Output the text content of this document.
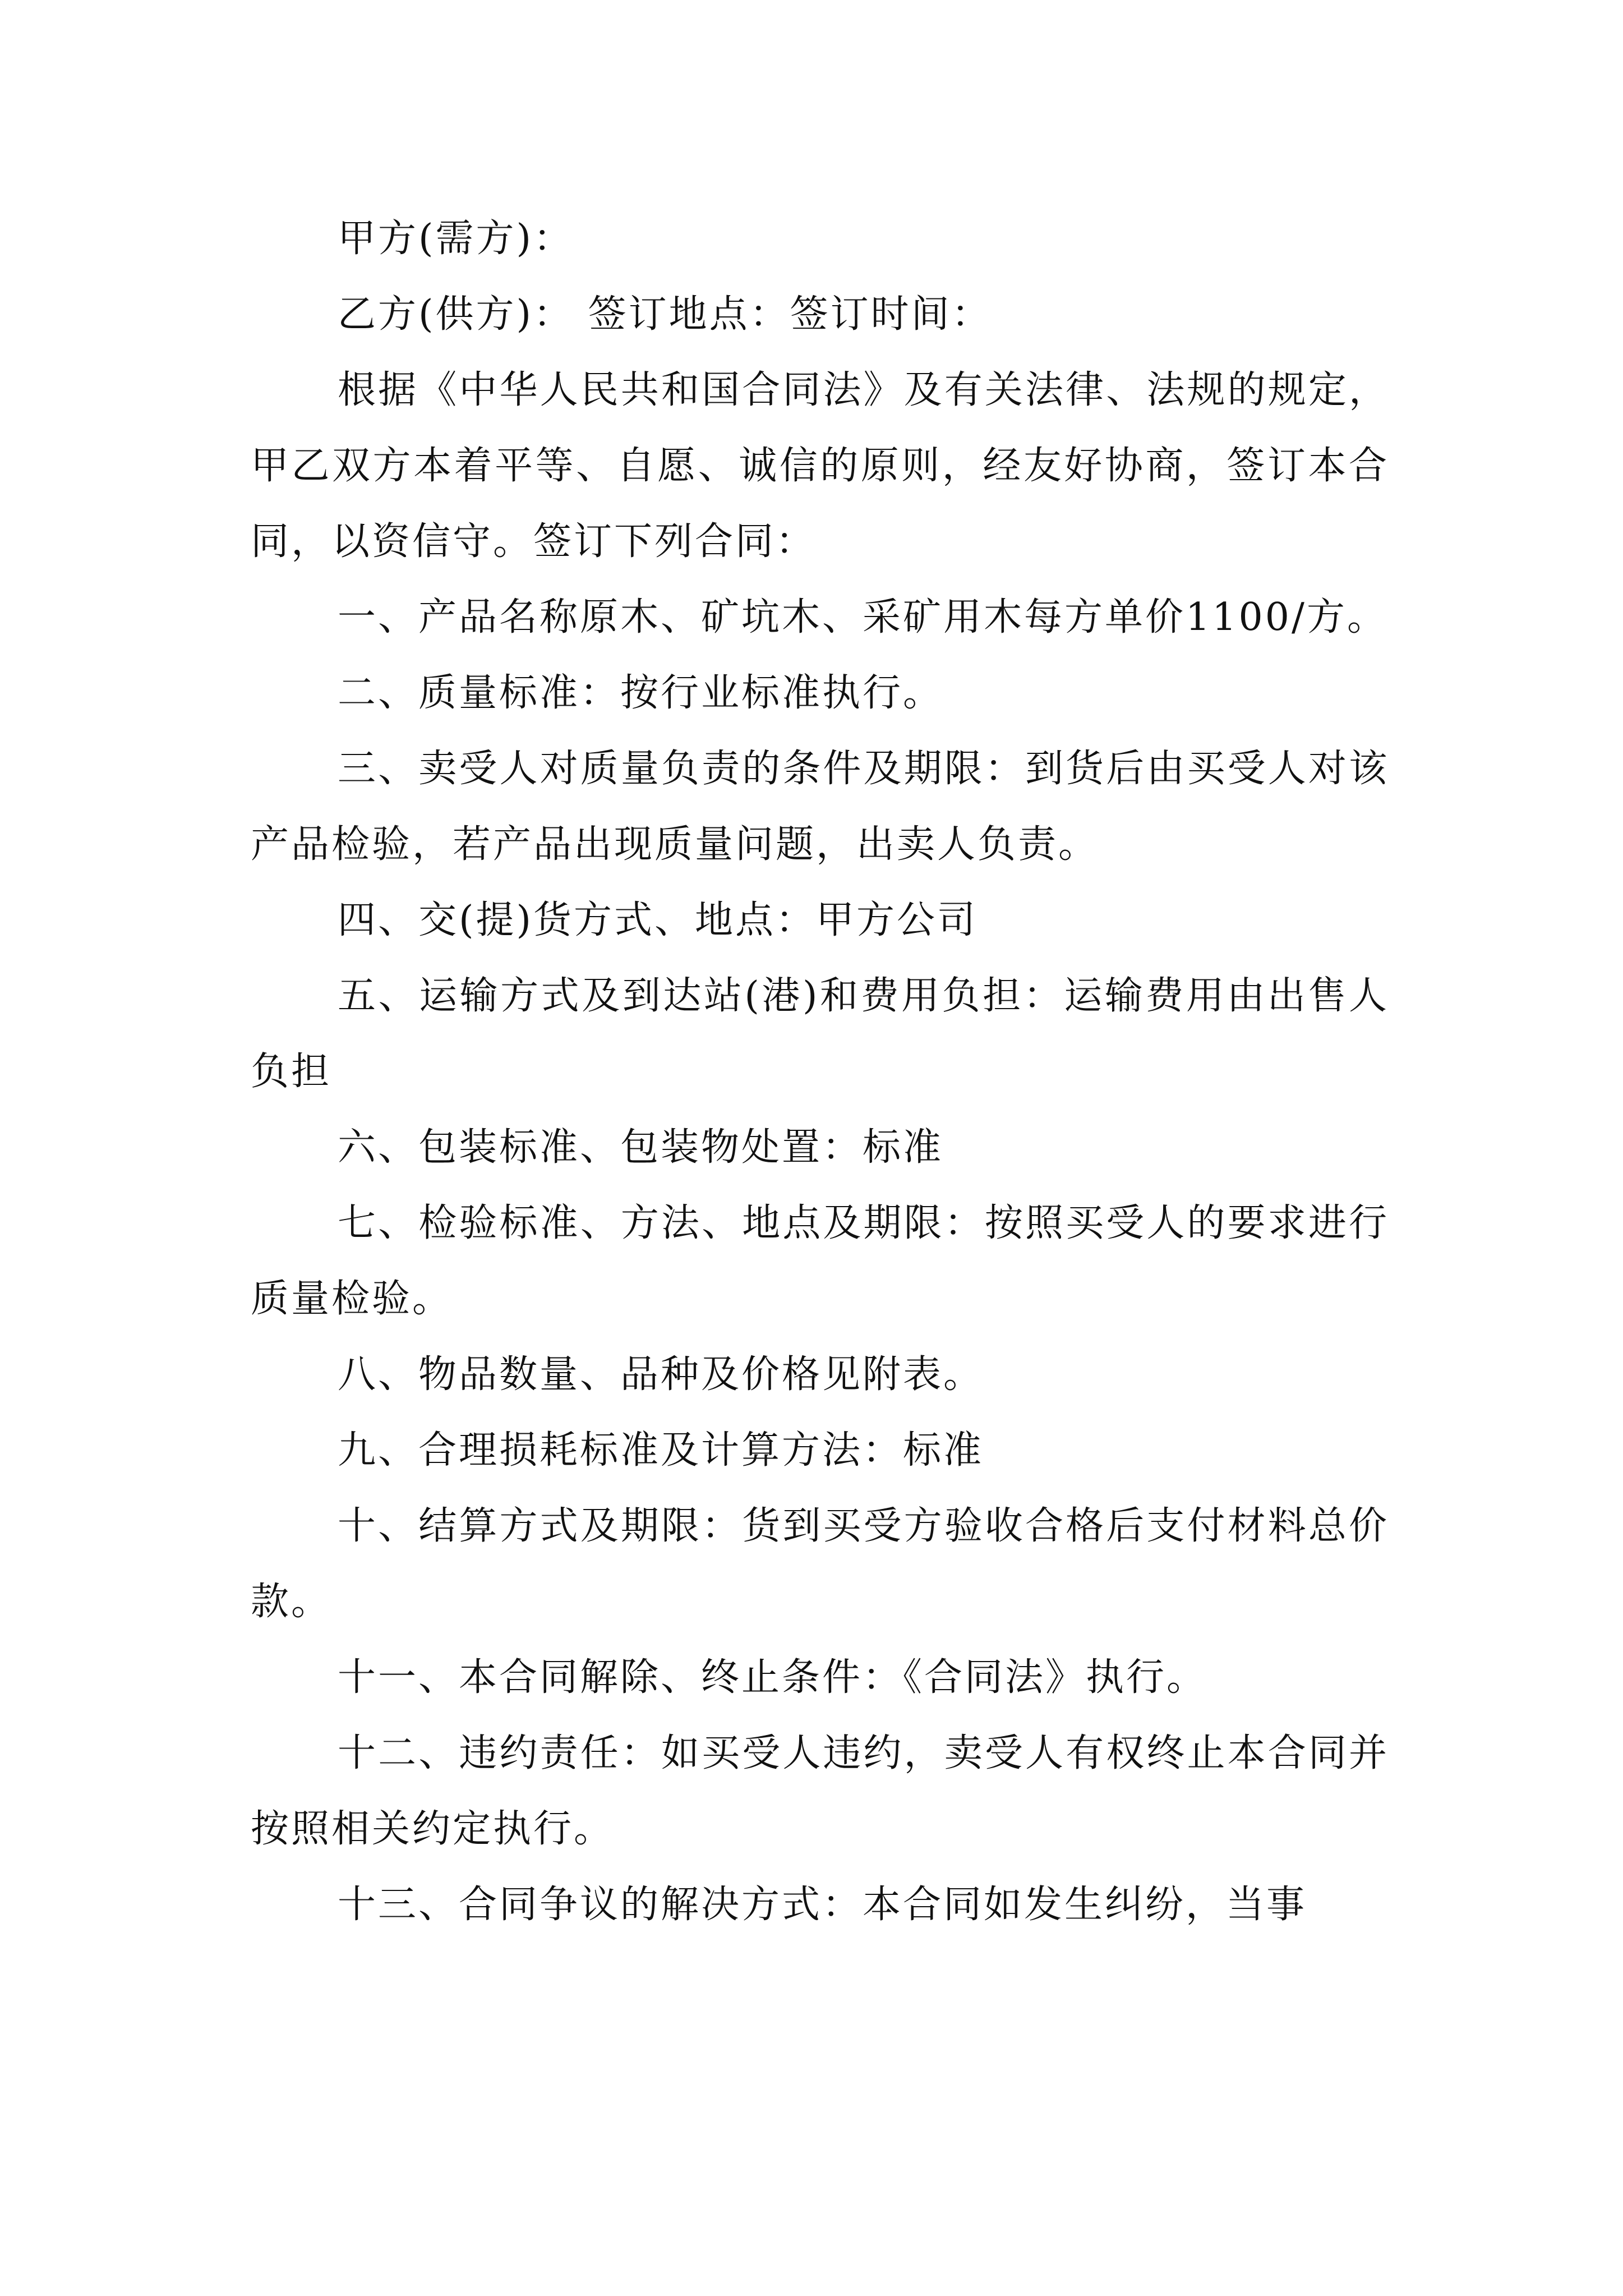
甲方(需方)：

乙方(供方)： 签订地点：签订时间：

根据《中华人民共和国合同法》及有关法律、法规的规定，甲乙双方本着平等、自愿、诚信的原则，经友好协商，签订本合同，以资信守。签订下列合同：

一、产品名称原木、矿坑木、采矿用木每方单价1100/方。

二、质量标准：按行业标准执行。

三、卖受人对质量负责的条件及期限：到货后由买受人对该产品检验，若产品出现质量问题，出卖人负责。

四、交(提)货方式、地点：甲方公司

五、运输方式及到达站(港)和费用负担：运输费用由出售人负担

六、包装标准、包装物处置：标准

七、检验标准、方法、地点及期限：按照买受人的要求进行质量检验。

八、物品数量、品种及价格见附表。

九、合理损耗标准及计算方法：标准

十、结算方式及期限：货到买受方验收合格后支付材料总价款。

十一、本合同解除、终止条件：《合同法》执行。

十二、违约责任：如买受人违约，卖受人有权终止本合同并按照相关约定执行。

十三、合同争议的解决方式：本合同如发生纠纷，当事
